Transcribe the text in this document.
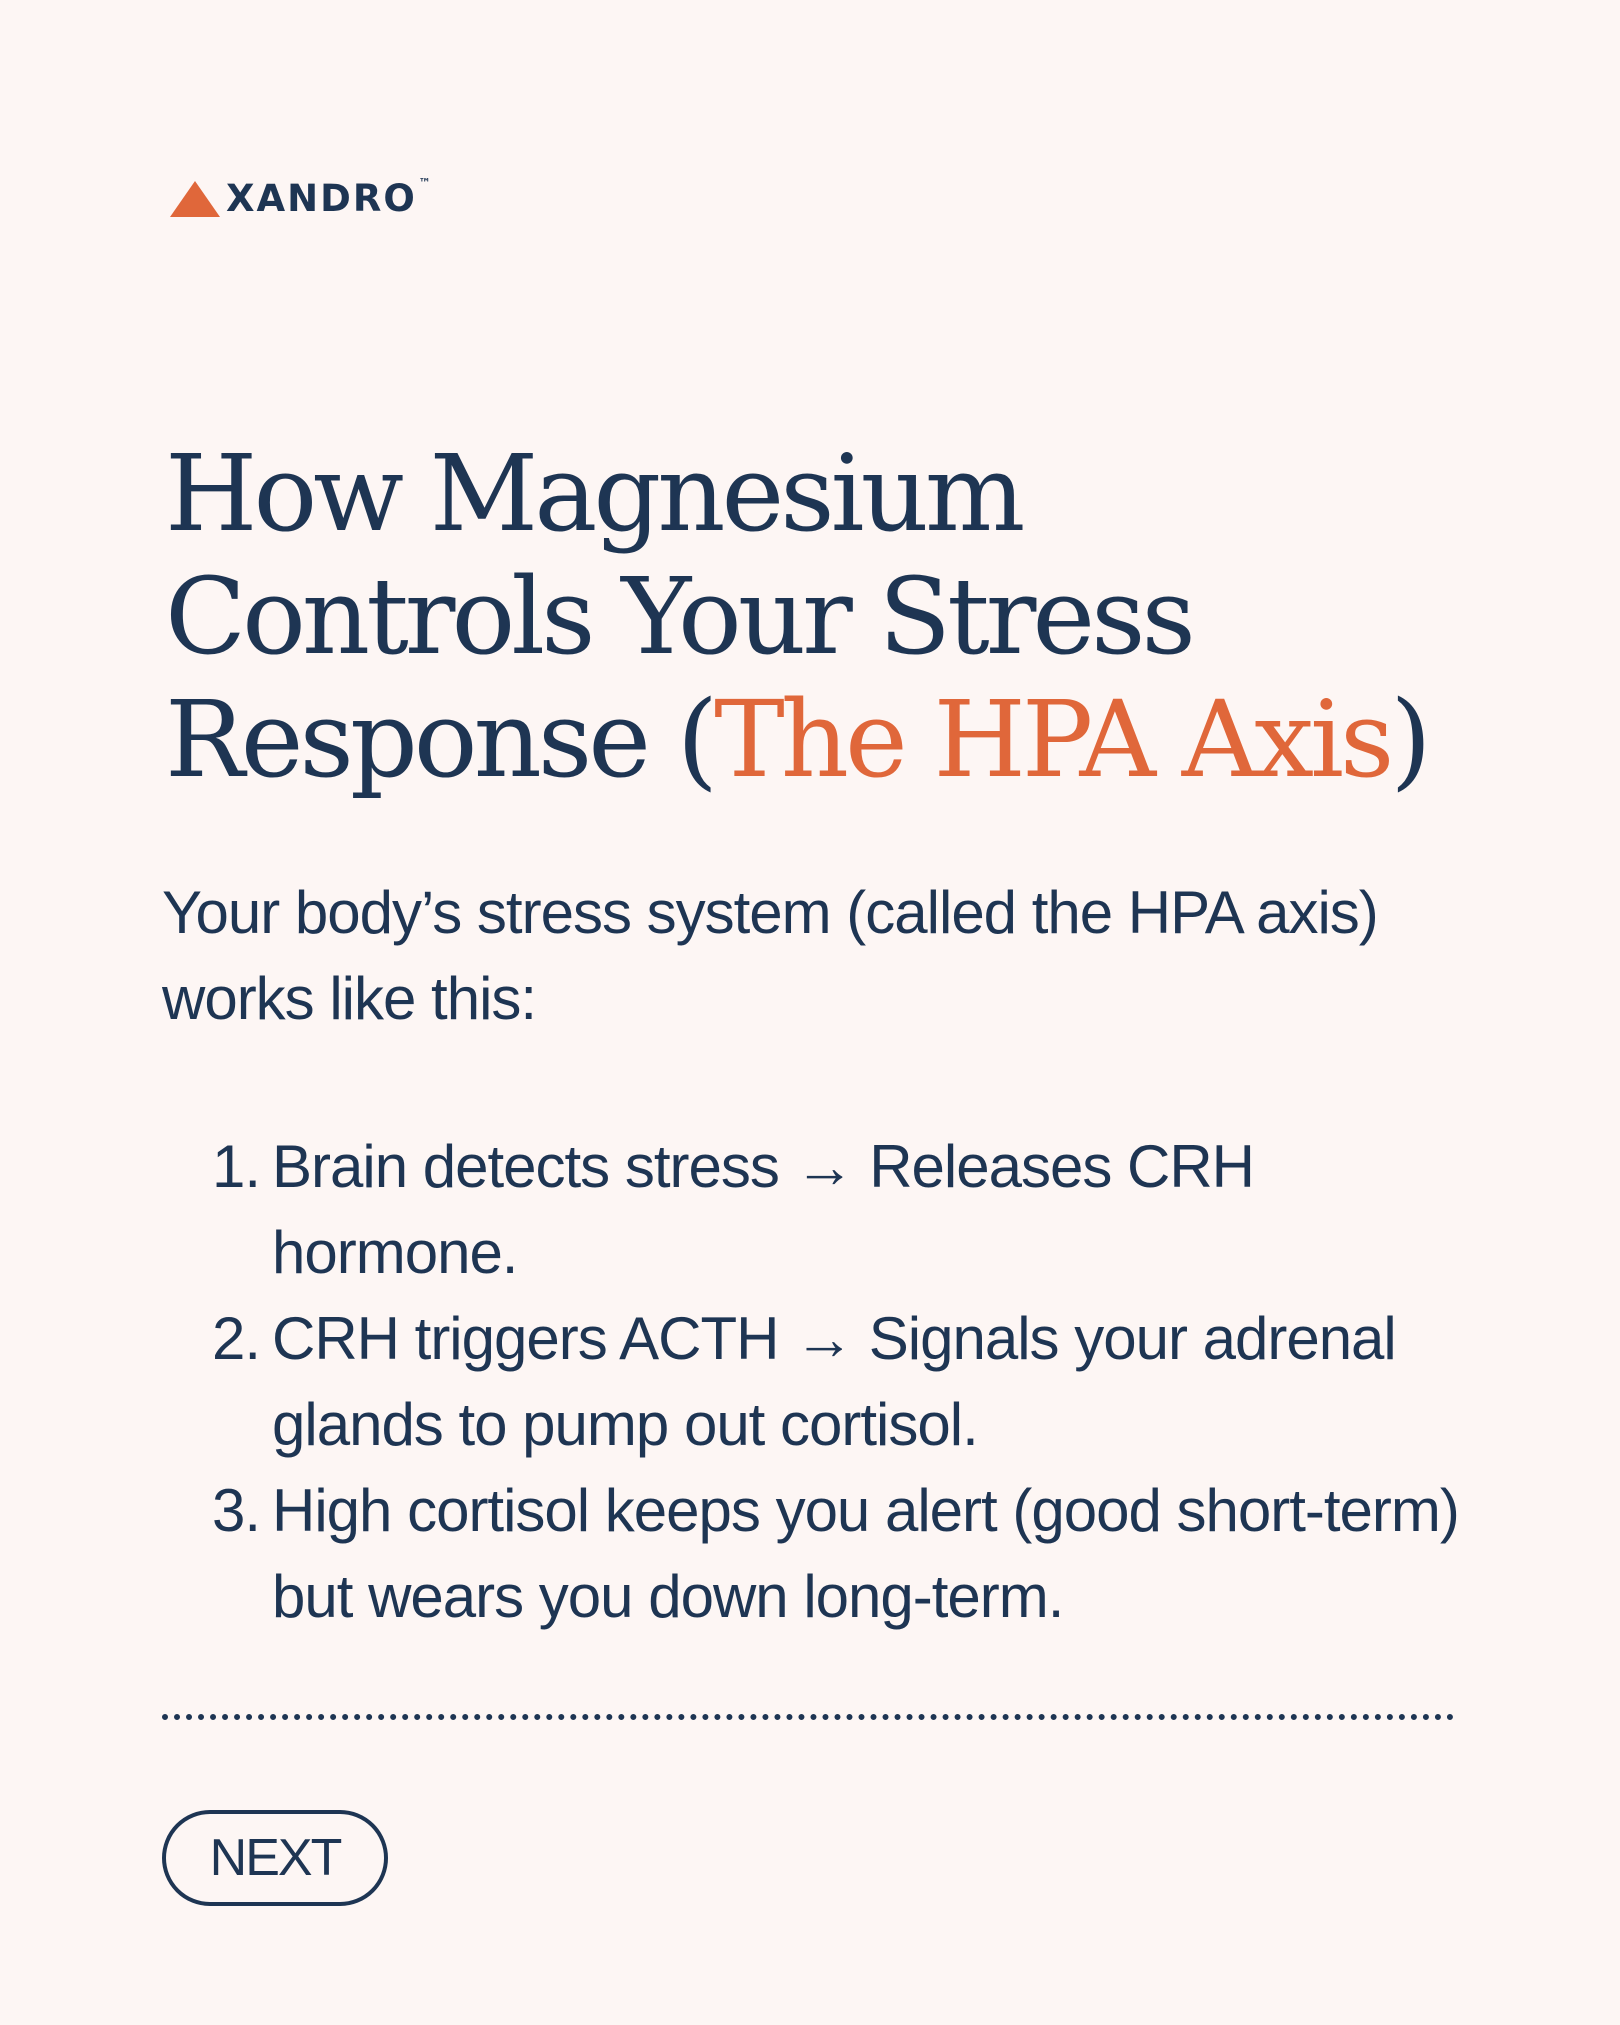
XANDRO ™
How Magnesium Controls Your Stress Response (The HPA Axis)

Your body’s stress system (called the HPA axis) works like this:

1. Brain detects stress → Releases CRH hormone.
2. CRH triggers ACTH → Signals your adrenal glands to pump out cortisol.
3. High cortisol keeps you alert (good short-term) but wears you down long-term.
NEXT
